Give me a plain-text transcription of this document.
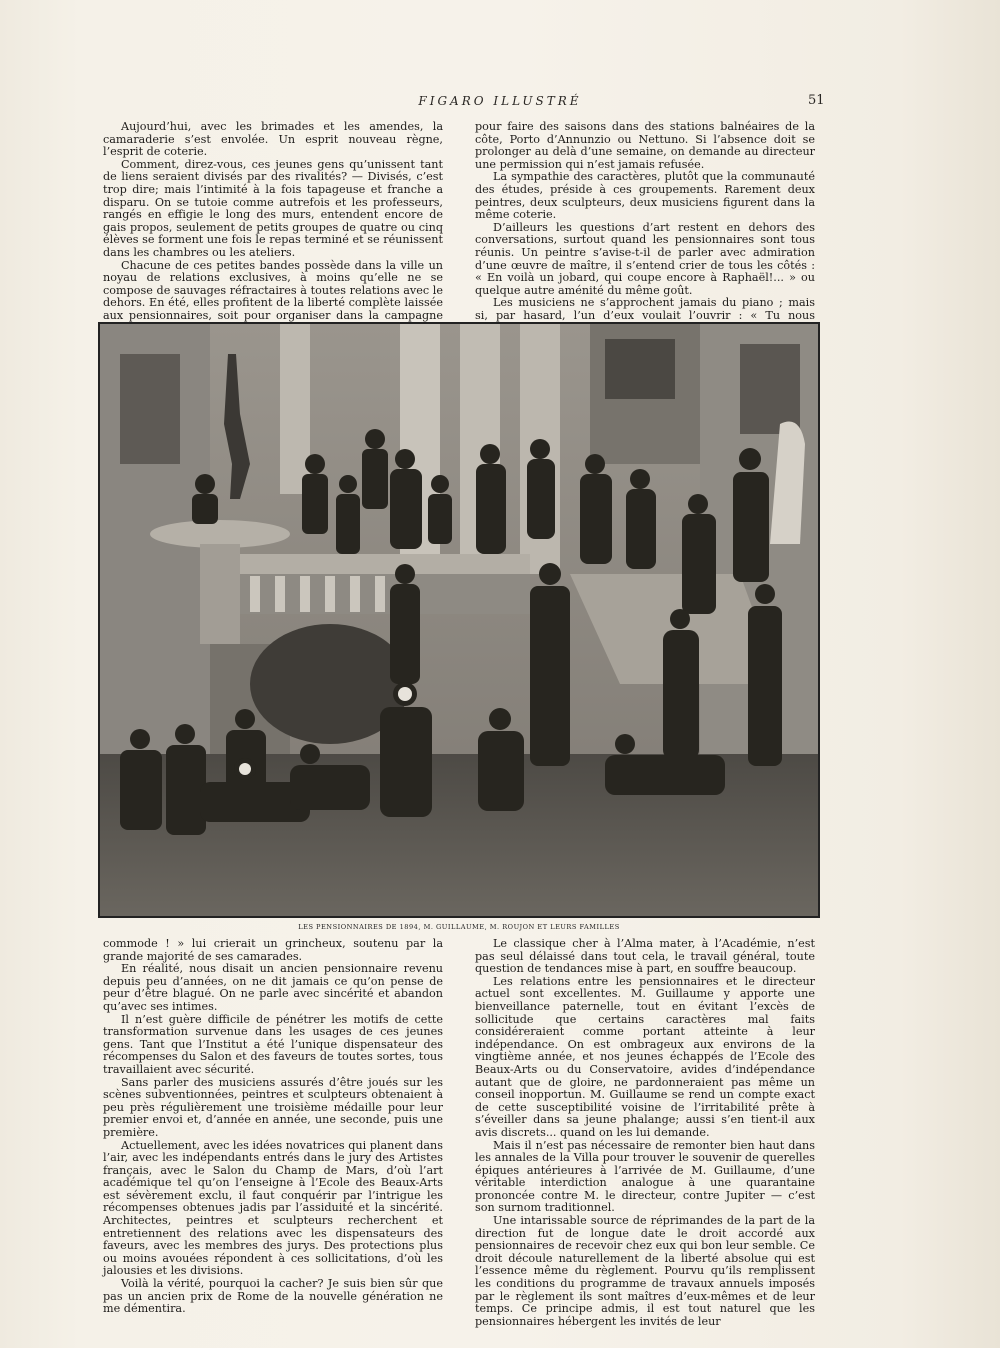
FIGARO ILLUSTRÉ	51

Aujourd’hui, avec les brimades et les amendes, la camaraderie s’est envolée. Un esprit nouveau règne, l’esprit de coterie.

Comment, direz-vous, ces jeunes gens qu’unissent tant de liens seraient divisés par des rivalités? — Divisés, c’est trop dire; mais l’intimité à la fois tapageuse et franche a disparu. On se tutoie comme autrefois et les professeurs, rangés en effigie le long des murs, entendent encore de gais propos, seulement de petits groupes de quatre ou cinq élèves se forment une fois le repas terminé et se réunissent dans les chambres ou les ateliers.

Chacune de ces petites bandes possède dans la ville un noyau de relations exclusives, à moins qu’elle ne se compose de sauvages réfractaires à toutes relations avec le dehors. En été, elles profitent de la liberté complète laissée aux pensionnaires, soit pour organiser dans la campagne

pour faire des saisons dans des stations balnéaires de la côte, Porto d’Annunzio ou Nettuno. Si l’absence doit se prolonger au delà d’une semaine, on demande au directeur une permission qui n’est jamais refusée.

La sympathie des caractères, plutôt que la communauté des études, préside à ces groupements. Rarement deux peintres, deux sculpteurs, deux musiciens figurent dans la même coterie.

D’ailleurs les questions d’art restent en dehors des conversations, surtout quand les pensionnaires sont tous réunis. Un peintre s’avise-t-il de parler avec admiration d’une œuvre de maître, il s’entend crier de tous les côtés : « En voilà un jobard, qui coupe encore à Raphaël!... » ou quelque autre aménité du même goût.

Les musiciens ne s’approchent jamais du piano ; mais si, par hasard, l’un d’eux voulait l’ouvrir : « Tu nous

LES PENSIONNAIRES DE 1894, M. GUILLAUME, M. ROUJON ET LEURS FAMILLES

commode ! » lui crierait un grincheux, soutenu par la grande majorité de ses camarades.

En réalité, nous disait un ancien pensionnaire revenu depuis peu d’années, on ne dit jamais ce qu’on pense de peur d’être blagué. On ne parle avec sincérité et abandon qu’avec ses intimes.

Il n’est guère difficile de pénétrer les motifs de cette transformation survenue dans les usages de ces jeunes gens. Tant que l’Institut a été l’unique dispensateur des récompenses du Salon et des faveurs de toutes sortes, tous travaillaient avec sécurité.

Sans parler des musiciens assurés d’être joués sur les scènes subventionnées, peintres et sculpteurs obtenaient à peu près régulièrement une troisième médaille pour leur premier envoi et, d’année en année, une seconde, puis une première.

Actuellement, avec les idées novatrices qui planent dans l’air, avec les indépendants entrés dans le jury des Artistes français, avec le Salon du Champ de Mars, d’où l’art académique tel qu’on l’enseigne à l’Ecole des Beaux-Arts est sévèrement exclu, il faut conquérir par l’intrigue les récompenses obtenues jadis par l’assiduité et la sincérité. Architectes, peintres et sculpteurs recherchent et entretiennent des relations avec les dispensateurs des faveurs, avec les membres des jurys. Des protections plus ou moins avouées répondent à ces sollicitations, d’où les jalousies et les divisions.

Voilà la vérité, pourquoi la cacher? Je suis bien sûr que pas un ancien prix de Rome de la nouvelle génération ne me démentira.

Le classique cher à l’Alma mater, à l’Académie, n’est pas seul délaissé dans tout cela, le travail général, toute question de tendances mise à part, en souffre beaucoup.

Les relations entre les pensionnaires et le directeur actuel sont excellentes. M. Guillaume y apporte une bienveillance paternelle, tout en évitant l’excès de sollicitude que certains caractères mal faits considéreraient comme portant atteinte à leur indépendance. On est ombrageux aux environs de la vingtième année, et nos jeunes échappés de l’Ecole des Beaux-Arts ou du Conservatoire, avides d’indépendance autant que de gloire, ne pardonneraient pas même un conseil inopportun. M. Guillaume se rend un compte exact de cette susceptibilité voisine de l’irritabilité prête à s’éveiller dans sa jeune phalange; aussi s’en tient-il aux avis discrets... quand on les lui demande.

Mais il n’est pas nécessaire de remonter bien haut dans les annales de la Villa pour trouver le souvenir de querelles épiques antérieures à l’arrivée de M. Guillaume, d’une véritable interdiction analogue à une quarantaine prononcée contre M. le directeur, contre Jupiter — c’est son surnom traditionnel.

Une intarissable source de réprimandes de la part de la direction fut de longue date le droit accordé aux pensionnaires de recevoir chez eux qui bon leur semble. Ce droit découle naturellement de la liberté absolue qui est l’essence même du règlement. Pourvu qu’ils remplissent les conditions du programme de travaux annuels imposés par le règlement ils sont maîtres d’eux-mêmes et de leur temps. Ce principe admis, il est tout naturel que les pensionnaires hébergent les invités de leur
